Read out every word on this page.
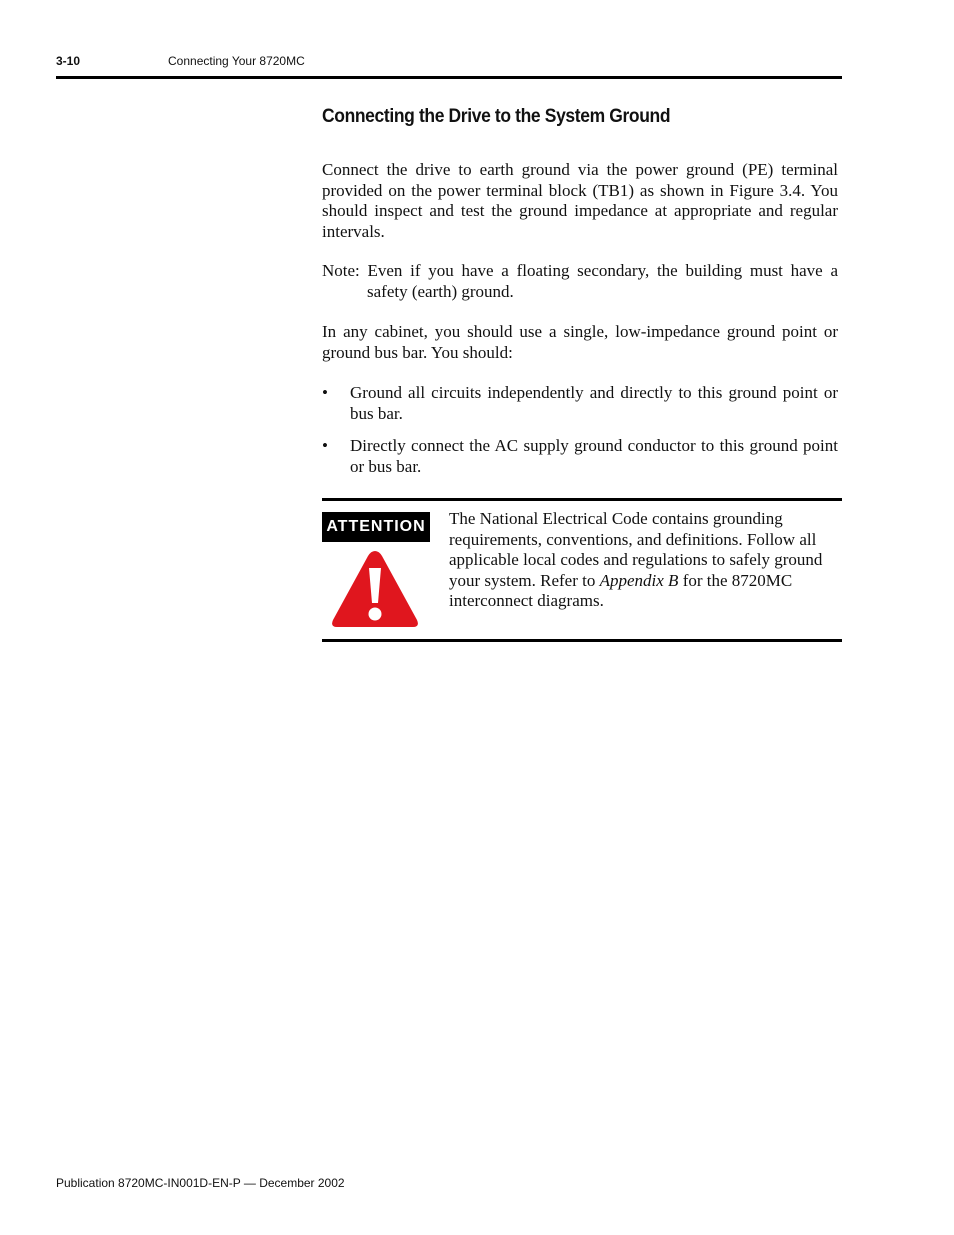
3-10	Connecting Your 8720MC
Connecting the Drive to the System Ground

Connect the drive to earth ground via the power ground (PE) terminal provided on the power terminal block (TB1) as shown in Figure 3.4. You should inspect and test the ground impedance at appropriate and regular intervals.

Note: Even if you have a floating secondary, the building must have a safety (earth) ground.

In any cabinet, you should use a single, low-impedance ground point or ground bus bar. You should:

• Ground all circuits independently and directly to this ground point or bus bar.

• Directly connect the AC supply ground conductor to this ground point or bus bar.

ATTENTION The National Electrical Code contains grounding requirements, conventions, and definitions. Follow all applicable local codes and regulations to safely ground your system. Refer to Appendix B for the 8720MC interconnect diagrams.

Publication 8720MC-IN001D-EN-P — December 2002
